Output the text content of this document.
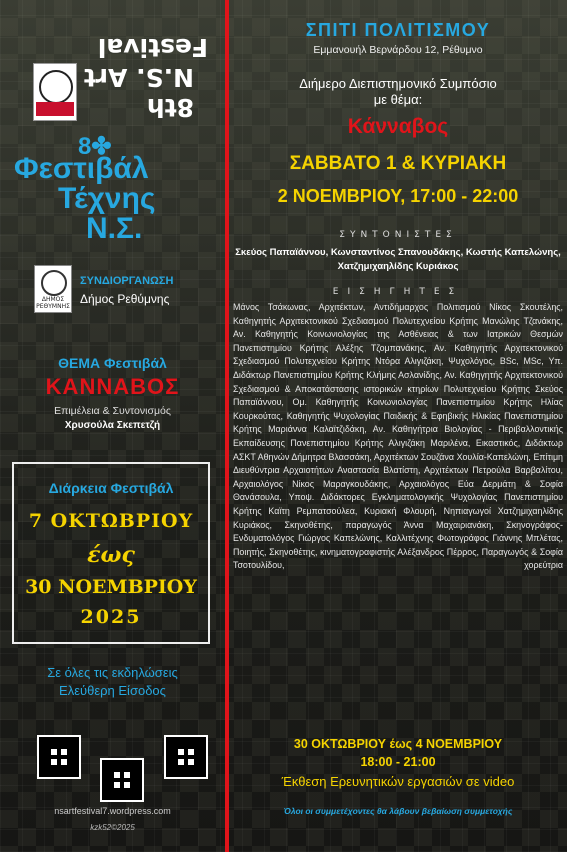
Festival
N.S. Art
8th
8✤
Φεστιβάλ
Τέχνης
Ν.Σ.
ΔΗΜΟΣ ΡΕΘΥΜΝΗΣ
ΣΥΝΔΙΟΡΓΑΝΩΣΗ
Δήμος Ρεθύμνης
ΘΕΜΑ Φεστιβάλ
ΚΑΝΝΑΒΟΣ
Επιμέλεια & Συντονισμός
Χρυσούλα Σκεπετζή
Διάρκεια Φεστιβάλ
7 ΟΚΤΩΒΡΙΟΥ
έως
30 ΝΟΕΜΒΡΙΟΥ
2025
Σε όλες τις εκδηλώσεις
Ελεύθερη Είσοδος
nsartfestival7.wordpress.com
kzk52©2025
ΣΠΙΤΙ ΠΟΛΙΤΙΣΜΟΥ
Εμμανουήλ Βερνάρδου 12, Ρέθυμνο
Διήμερο Διεπιστημονικό Συμπόσιο
με θέμα:
Κάνναβος
ΣΑΒΒΑΤΟ 1 & ΚΥΡΙΑΚΗ
2 ΝΟΕΜΒΡΙΟΥ, 17:00 - 22:00
ΣΥΝΤΟΝΙΣΤΕΣ
Σκεύος Παπαϊάννου, Κωνσταντίνος Σπανουδάκης, Κωστής Καπελώνης, Χατζημιχαηλίδης Κυριάκος
ΕΙΣΗΓΗΤΕΣ

Μάνος Τσάκωνας, Αρχιτέκτων, Αντιδήμαρχος Πολιτισμού Νίκος Σκουτέλης, Καθηγητής Αρχιτεκτονικού Σχεδιασμού Πολυτεχνείου Κρήτης Μανώλης Τζανάκης, Αν. Καθηγητής Κοινωνιολογίας της Ασθένειας & των Ιατρικών Θεσμών Πανεπιστημίου Κρήτης Αλέξης Τζομπανάκης, Αν. Καθηγητής Αρχιτεκτονικού Σχεδιασμού Πολυτεχνείου Κρήτης Ντόρα Αλιγιζάκη, Ψυχολόγος, BSc, MSc, Υπ. Διδάκτωρ Πανεπιστημίου Κρήτης Κλήμης Ασλανίδης, Αν. Καθηγητής Αρχιτεκτονικού Σχεδιασμού & Αποκατάστασης ιστορικών κτηρίων Πολυτεχνείου Κρήτης Σκεύος Παπαϊάννου, Ομ. Καθηγητής Κοινωνιολογίας Πανεπιστημίου Κρήτης Ηλίας Κουρκούτας, Καθηγητής Ψυχολογίας Παιδικής & Εφηβικής Ηλικίας Πανεπιστημίου Κρήτης Μαριάννα Καλαϊτζιδάκη, Αν. Καθηγήτρια Βιολογίας - Περιβαλλοντικής Εκπαίδευσης Πανεπιστημίου Κρήτης Αλιγιζάκη Μαριλένα, Εικαστικός, Διδάκτωρ ΑΣΚΤ Αθηνών Δήμητρα Βλασσάκη, Αρχιτέκτων Σουζάνα Χουλία-Καπελώνη, Επίτιμη Διευθύντρια Αρχαιοτήτων Αναστασία Βλατίστη, Αρχιτέκτων Πετρούλα Βαρβαλίτου, Αρχαιολόγος Νίκος Μαραγκουδάκης, Αρχαιολόγος Εύα Δερμάτη & Σοφία Θανάσουλα, Υποψ. Διδάκτορες Εγκληματολογικής Ψυχολογίας Πανεπιστημίου Κρήτης Καϊτη Ρεμπατσούλεα, Κυριακή Φλουρή, Νηπιαγωγοί Χατζημιχαηλίδης Κυριάκος, Σκηνοθέτης, παραγωγός Άννα Μαχαιριανάκη, Σκηνογράφος-Ενδυματολόγος Γιώργος Καπελώνης, Καλλιτέχνης Φωτογράφος Γιάννης Μπλέτας, Ποιητής, Σκηνοθέτης, κινηματογραφιστής Αλέξανδρος Πέρρος, Παραγωγός & Σοφία Τσοτουλίδου, χορεύτρια

30 ΟΚΤΩΒΡΙΟΥ έως 4 ΝΟΕΜΒΡΙΟΥ
18:00 - 21:00
Έκθεση Ερευνητικών εργασιών σε video
Όλοι οι συμμετέχοντες θα λάβουν βεβαίωση συμμετοχής
